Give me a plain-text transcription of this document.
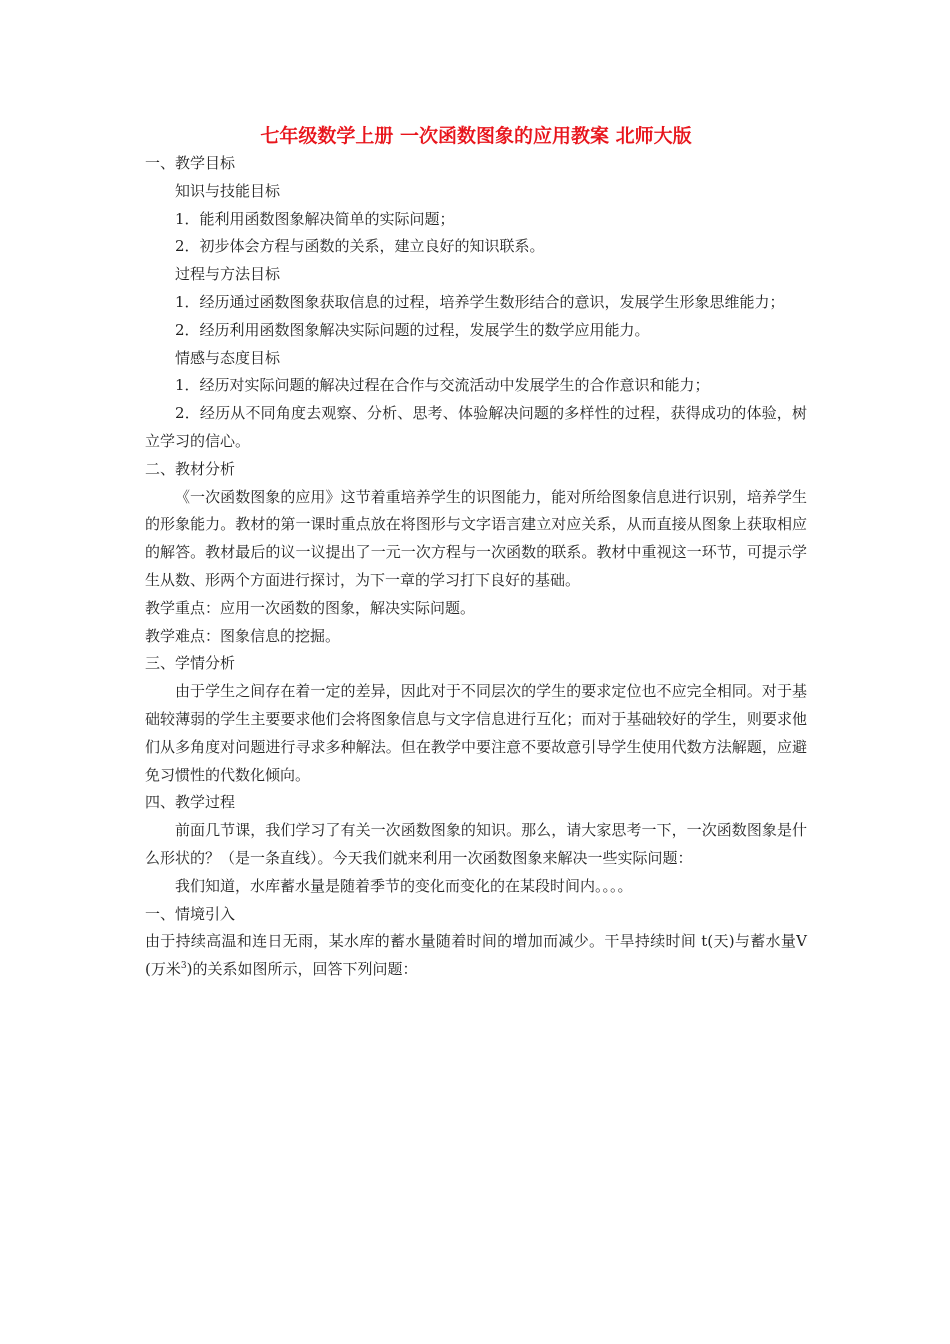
七年级数学上册 一次函数图象的应用教案 北师大版

一、教学目标

知识与技能目标

1．能利用函数图象解决简单的实际问题；

2．初步体会方程与函数的关系，建立良好的知识联系。

过程与方法目标

1．经历通过函数图象获取信息的过程，培养学生数形结合的意识，发展学生形象思维能力；

2．经历利用函数图象解决实际问题的过程，发展学生的数学应用能力。

情感与态度目标

1．经历对实际问题的解决过程在合作与交流活动中发展学生的合作意识和能力；

2．经历从不同角度去观察、分析、思考、体验解决问题的多样性的过程，获得成功的体验，树立学习的信心。

二、教材分析

《一次函数图象的应用》这节着重培养学生的识图能力，能对所给图象信息进行识别，培养学生的形象能力。教材的第一课时重点放在将图形与文字语言建立对应关系，从而直接从图象上获取相应的解答。教材最后的议一议提出了一元一次方程与一次函数的联系。教材中重视这一环节，可提示学生从数、形两个方面进行探讨，为下一章的学习打下良好的基础。

教学重点：应用一次函数的图象，解决实际问题。

教学难点：图象信息的挖掘。

三、学情分析

由于学生之间存在着一定的差异，因此对于不同层次的学生的要求定位也不应完全相同。对于基础较薄弱的学生主要要求他们会将图象信息与文字信息进行互化；而对于基础较好的学生，则要求他们从多角度对问题进行寻求多种解法。但在教学中要注意不要故意引导学生使用代数方法解题，应避免习惯性的代数化倾向。

四、教学过程

前面几节课，我们学习了有关一次函数图象的知识。那么，请大家思考一下，一次函数图象是什么形状的？（是一条直线）。今天我们就来利用一次函数图象来解决一些实际问题：

我们知道，水库蓄水量是随着季节的变化而变化的在某段时间内。。。。

一、情境引入

由于持续高温和连日无雨，某水库的蓄水量随着时间的增加而减少。干旱持续时间 t(天)与蓄水量V(万米$^3$)的关系如图所示，回答下列问题：
